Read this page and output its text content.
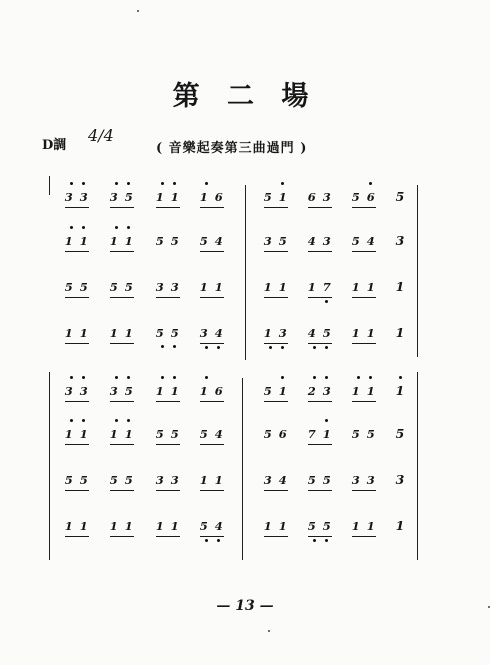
第 二 場
D調
4/4
( 音樂起奏第三曲過門 )
3 3 3 5 1 1 1 6	5 1 6 3 5 6	5
1 1 1 1 5 5 5 4	3 5 4 3 5 4	3
5 5 5 5 3 3 1 1	1 1 1 7 1 1	1
1 1 1 1 5 5 3 4	1 3 4 5 1 1	1
3 3 3 5 1 1 1 6	5 1 2 3 1 1	1
1 1 1 1 5 5 5 4	5 6 7 1 5 5	5
5 5 5 5 3 3 1 1	3 4 5 5 3 3	3
1 1 1 1 1 1 5 4	1 1 5 5 1 1	1
— 13 —
